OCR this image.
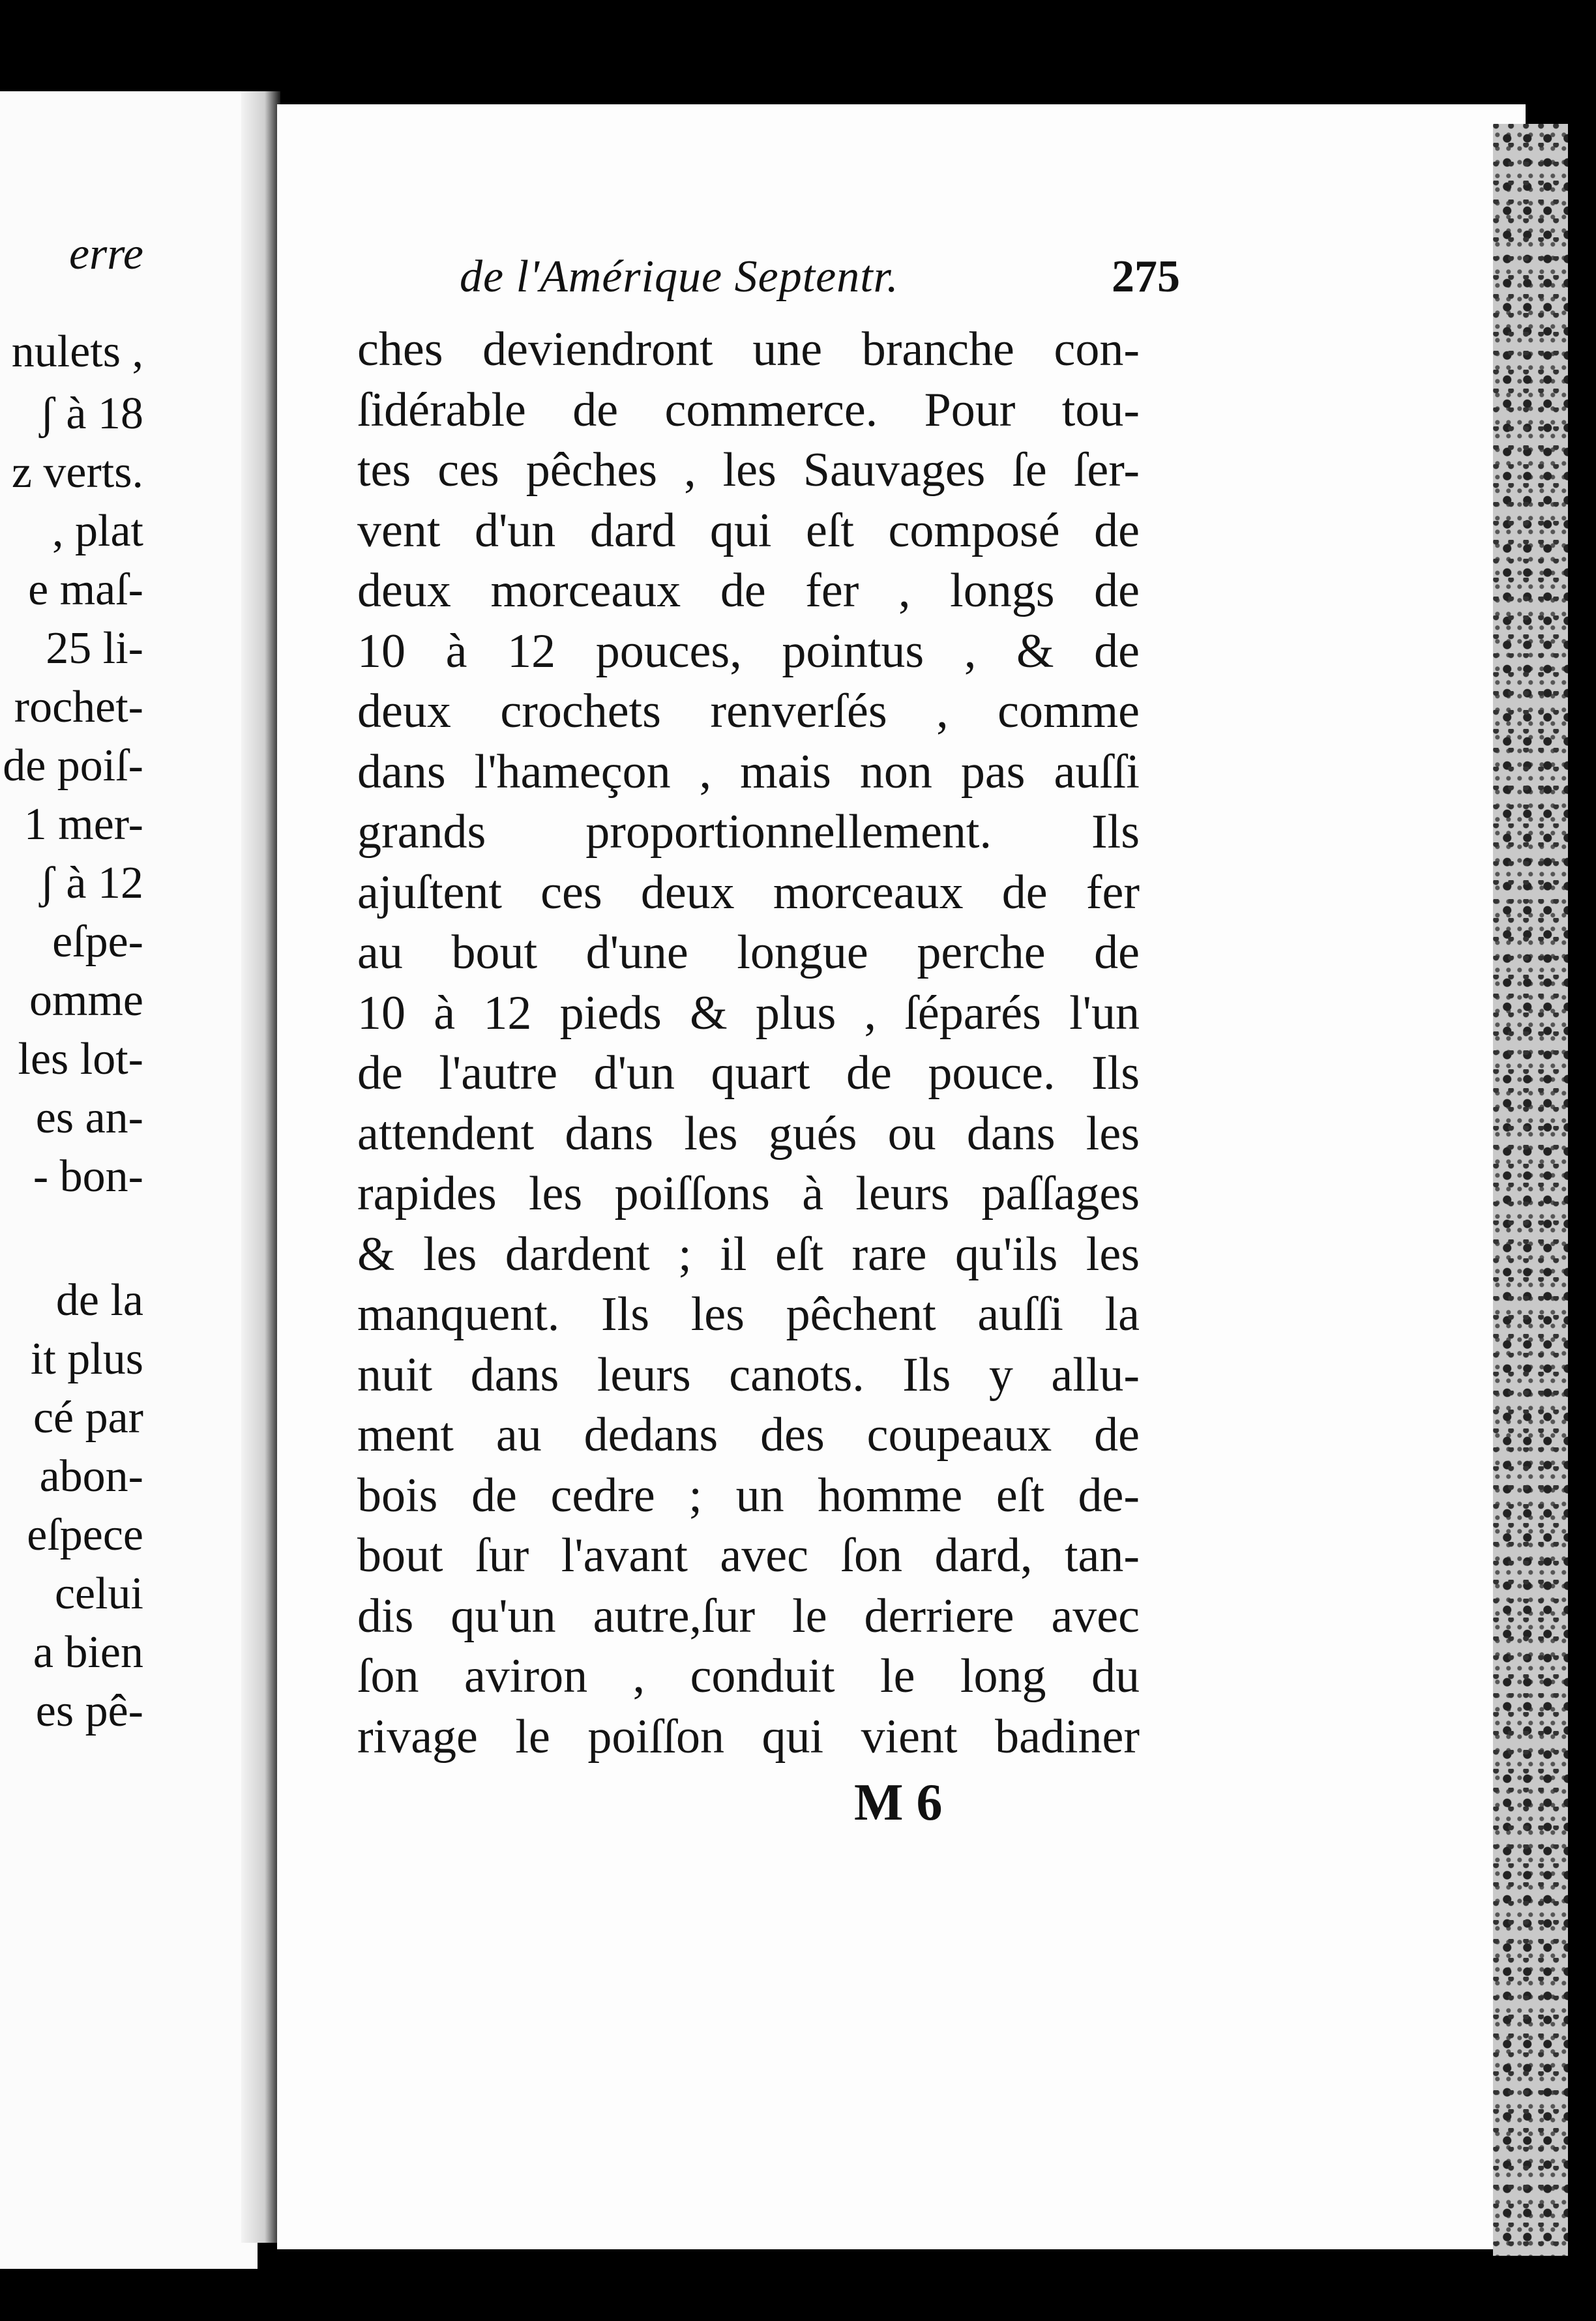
erre
nulets ,
ʃ à 18
z verts.
, plat
e maſ-
25 li-
rochet-
de poiſ-
1 mer-
ʃ à 12
eſpe-
omme
les lot-
es an-
- bon-
de la
it plus
cé par
abon-
eſpece
celui
a bien
es pê-
de l'Amérique Septentr.	275
ches deviendront une branche con-
ſidérable de commerce. Pour tou-
tes ces pêches , les Sauvages ſe ſer-
vent d'un dard qui eſt composé de
deux morceaux de fer , longs de
10 à 12 pouces, pointus , & de
deux crochets renverſés , comme
dans l'hameçon , mais non pas auſſi
grands proportionnellement. Ils
ajuſtent ces deux morceaux de fer
au bout d'une longue perche de
10 à 12 pieds & plus , ſéparés l'un
de l'autre d'un quart de pouce. Ils
attendent dans les gués ou dans les
rapides les poiſſons à leurs paſſages
& les dardent ; il eſt rare qu'ils les
manquent. Ils les pêchent auſſi la
nuit dans leurs canots. Ils y allu-
ment au dedans des coupeaux de
bois de cedre ; un homme eſt de-
bout ſur l'avant avec ſon dard, tan-
dis qu'un autre,ſur le derriere avec
ſon aviron , conduit le long du
rivage le poiſſon qui vient badiner
M 6
